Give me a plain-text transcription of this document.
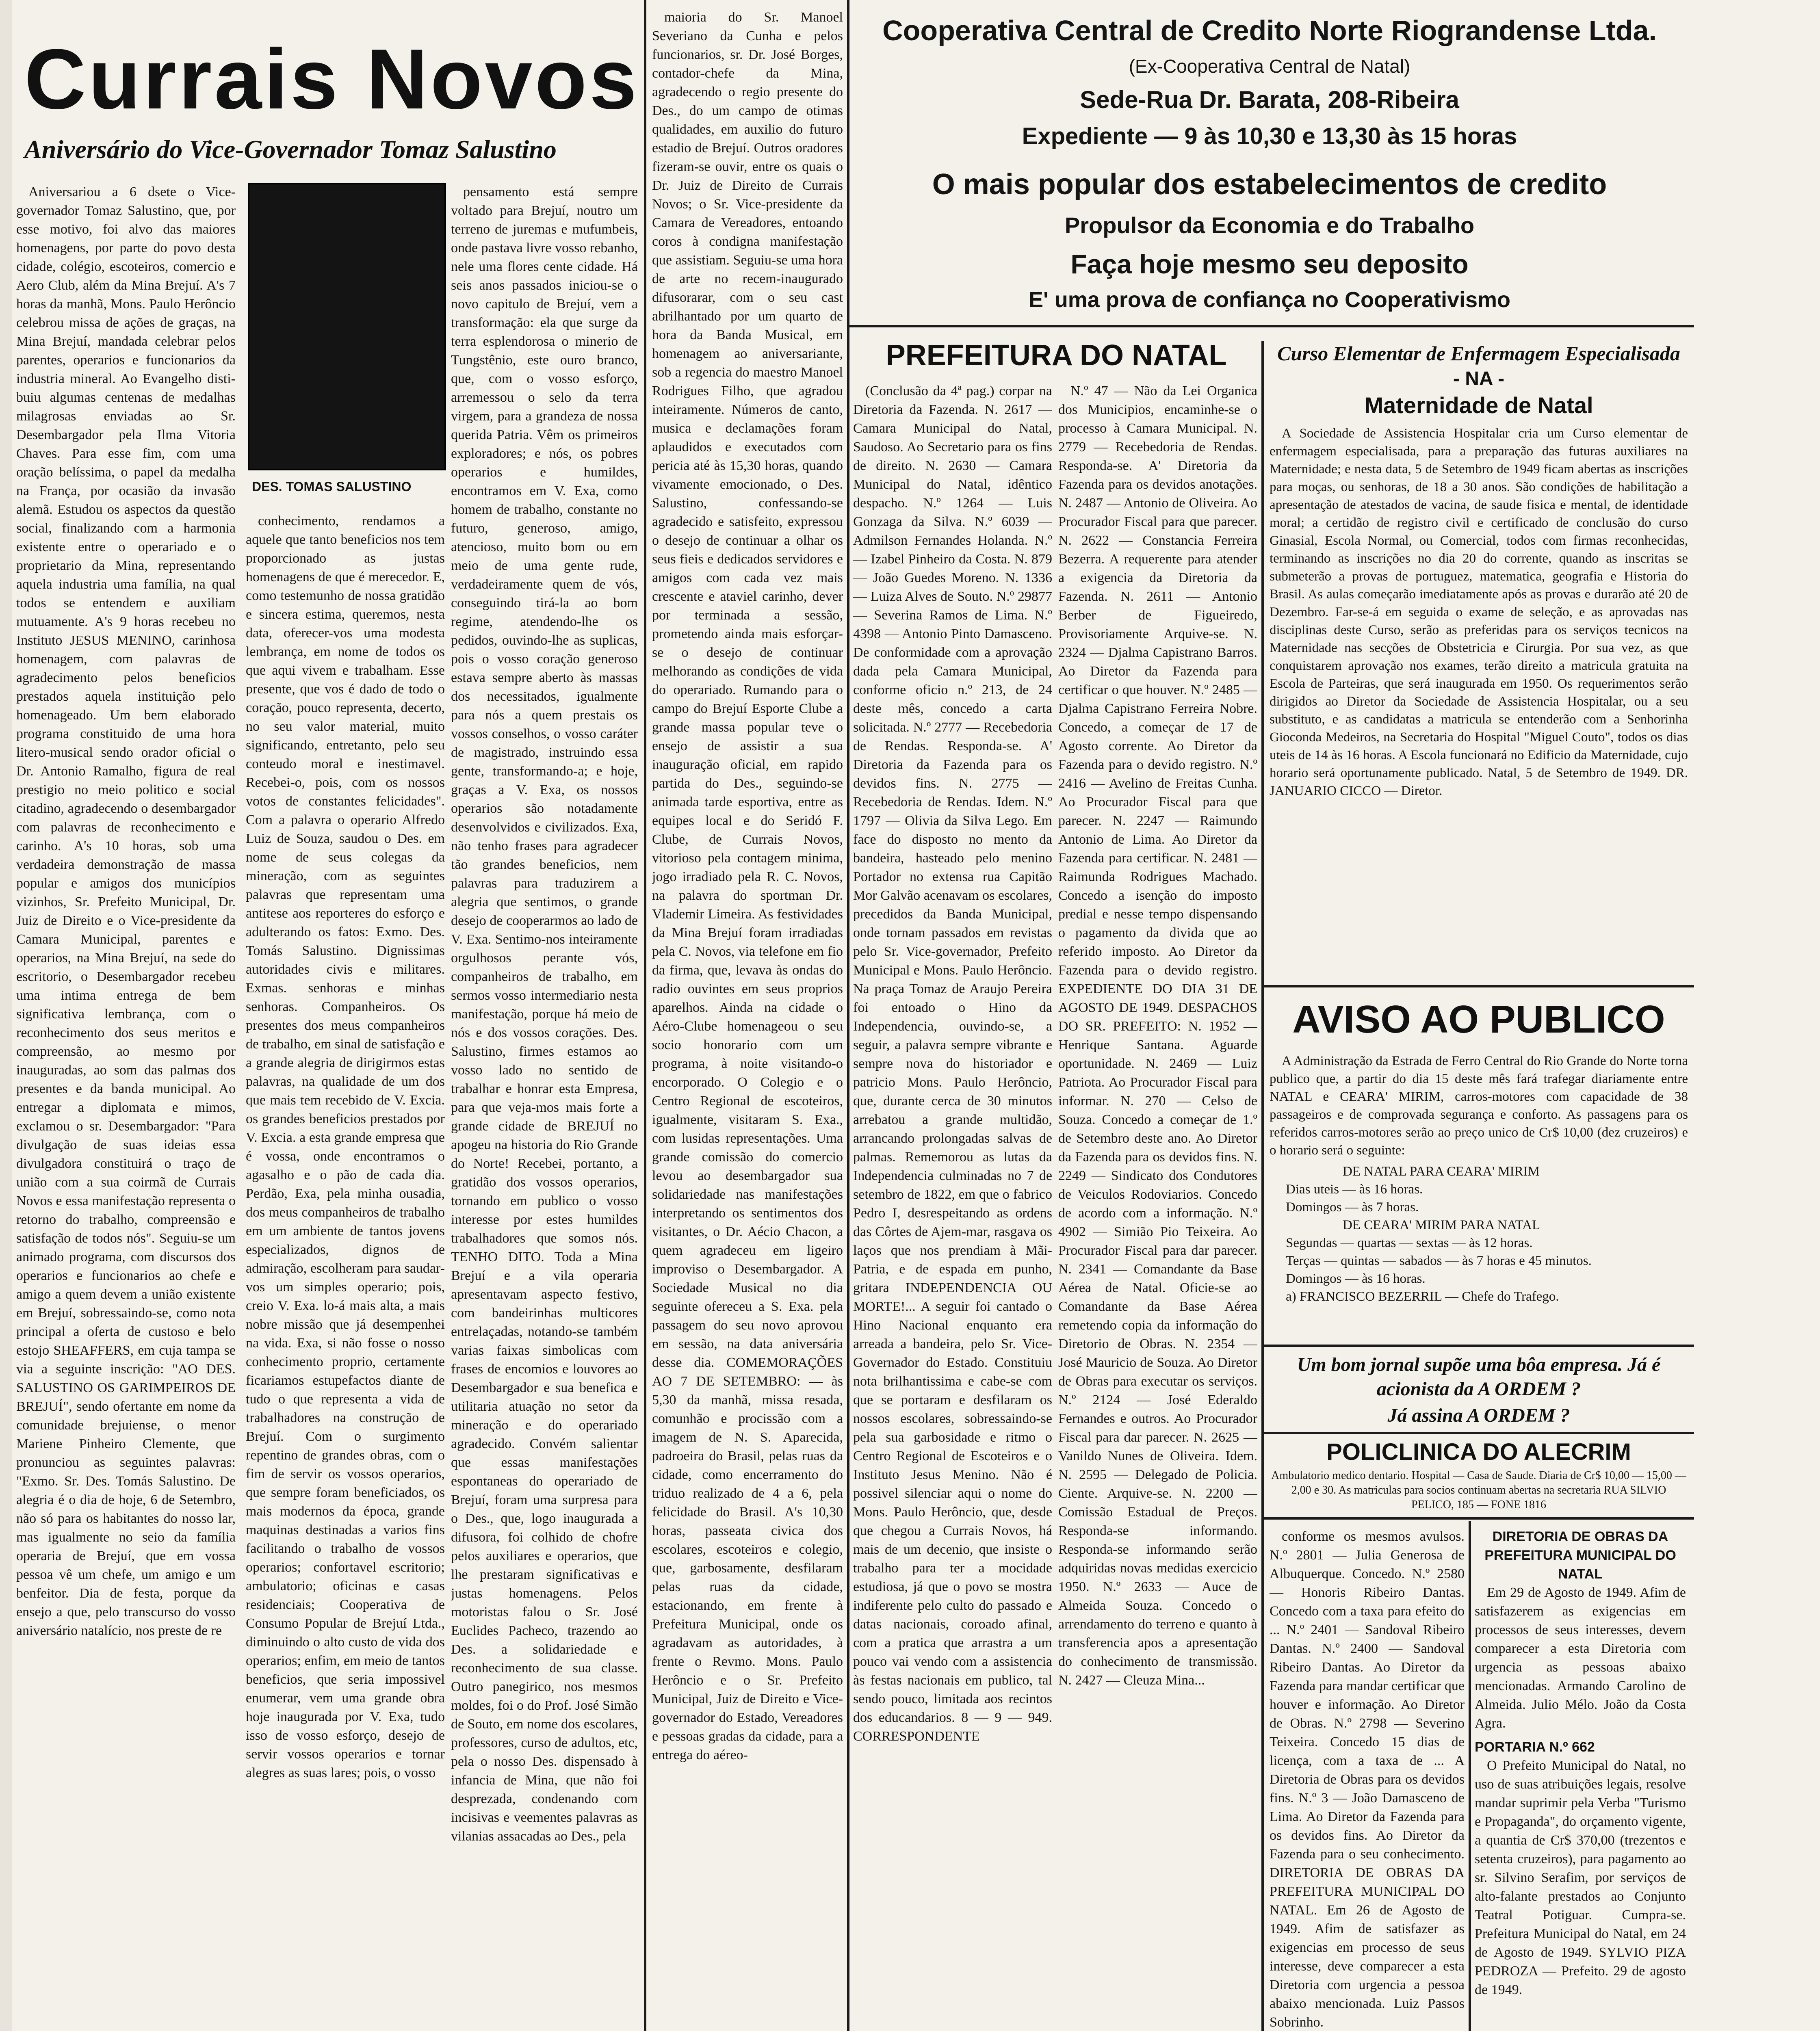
Currais Novos
Aniversário do Vice-Governador Tomaz Salustino

Aniversariou a 6 dsete o Vice-governador Tomaz Salustino, que, por esse motivo, foi alvo das maiores homenagens, por parte do povo desta cidade, colégio, escoteiros, comercio e Aero Club, além da Mina Brejuí. A's 7 horas da manhã, Mons. Paulo Herôncio celebrou missa de ações de graças, na Mina Brejuí, mandada celebrar pelos parentes, operarios e funcionarios da industria mineral. Ao Evangelho disti- buiu algumas centenas de medalhas milagrosas enviadas ao Sr. Desembargador pela Ilma Vitoria Chaves. Para esse fim, com uma oração belíssima, o papel da medalha na França, por ocasião da invasão alemã. Estudou os aspectos da questão social, finalizando com a harmonia existente entre o operariado e o proprietario da Mina, representando aquela industria uma família, na qual todos se entendem e auxiliam mutuamente. A's 9 horas recebeu no Instituto JESUS MENINO, carinhosa homenagem, com palavras de agradecimento pelos beneficios prestados aquela instituição pelo homenageado. Um bem elaborado programa constituido de uma hora litero-musical sendo orador oficial o Dr. Antonio Ramalho, figura de real prestigio no meio politico e social citadino, agradecendo o desembargador com palavras de reconhecimento e carinho. A's 10 horas, sob uma verdadeira demonstração de massa popular e amigos dos municípios vizinhos, Sr. Prefeito Municipal, Dr. Juiz de Direito e o Vice-presidente da Camara Municipal, parentes e operarios, na Mina Brejuí, na sede do escritorio, o Desembargador recebeu uma intima entrega de bem significativa lembrança, com o reconhecimento dos seus meritos e compreensão, ao mesmo por inauguradas, ao som das palmas dos presentes e da banda municipal. Ao entregar a diplomata e mimos, exclamou o sr. Desembargador: "Para divulgação de suas ideias essa divulgadora constituirá o traço de união com a sua coirmã de Currais Novos e essa manifestação representa o retorno do trabalho, compreensão e satisfação de todos nós". Seguiu-se um animado programa, com discursos dos operarios e funcionarios ao chefe e amigo a quem devem a união existente em Brejuí, sobressaindo-se, como nota principal a oferta de custoso e belo estojo SHEAFFERS, em cuja tampa se via a seguinte inscrição: "AO DES. SALUSTINO OS GARIMPEIROS DE BREJUÍ", sendo ofertante em nome da comunidade brejuiense, o menor Mariene Pinheiro Clemente, que pronunciou as seguintes palavras: "Exmo. Sr. Des. Tomás Salustino. De alegria é o dia de hoje, 6 de Setembro, não só para os habitantes do nosso lar, mas igualmente no seio da família operaria de Brejuí, que em vossa pessoa vê um chefe, um amigo e um benfeitor. Dia de festa, porque da ensejo a que, pelo transcurso do vosso aniversário natalício, nos preste de re

DES. TOMAS SALUSTINO

conhecimento, rendamos a aquele que tanto beneficios nos tem proporcionado as justas homenagens de que é merecedor. E, como testemunho de nossa gratidão e sincera estima, queremos, nesta data, oferecer-vos uma modesta lembrança, em nome de todos os que aqui vivem e trabalham. Esse presente, que vos é dado de todo o coração, pouco representa, decerto, no seu valor material, muito significando, entretanto, pelo seu conteudo moral e inestimavel. Recebei-o, pois, com os nossos votos de constantes felicidades". Com a palavra o operario Alfredo Luiz de Souza, saudou o Des. em nome de seus colegas da mineração, com as seguintes palavras que representam uma antitese aos reporteres do esforço e adulterando os fatos: Exmo. Des. Tomás Salustino. Dignissimas autoridades civis e militares. Exmas. senhoras e minhas senhoras. Companheiros. Os presentes dos meus companheiros de trabalho, em sinal de satisfação e a grande alegria de dirigirmos estas palavras, na qualidade de um dos que mais tem recebido de V. Excia. os grandes beneficios prestados por V. Excia. a esta grande empresa que é vossa, onde encontramos o agasalho e o pão de cada dia. Perdão, Exa, pela minha ousadia, dos meus companheiros de trabalho em um ambiente de tantos jovens especializados, dignos de admiração, escolheram para saudar-vos um simples operario; pois, creio V. Exa. lo-á mais alta, a mais nobre missão que já desempenhei na vida. Exa, si não fosse o nosso conhecimento proprio, certamente ficariamos estupefactos diante de tudo o que representa a vida de trabalhadores na construção de Brejuí. Com o surgimento repentino de grandes obras, com o fim de servir os vossos operarios, que sempre foram beneficiados, os mais modernos da época, grande maquinas destinadas a varios fins facilitando o trabalho de vossos operarios; confortavel escritorio; ambulatorio; oficinas e casas residenciais; Cooperativa de Consumo Popular de Brejuí Ltda., diminuindo o alto custo de vida dos operarios; enfim, em meio de tantos beneficios, que seria impossivel enumerar, vem uma grande obra hoje inaugurada por V. Exa, tudo isso de vosso esforço, desejo de servir vossos operarios e tornar alegres as suas lares; pois, o vosso

pensamento está sempre voltado para Brejuí, noutro um terreno de juremas e mufumbeis, onde pastava livre vosso rebanho, nele uma flores cente cidade. Há seis anos passados iniciou-se o novo capitulo de Brejuí, vem a transformação: ela que surge da terra esplendorosa o minerio de Tungstênio, este ouro branco, que, com o vosso esforço, arremessou o selo da terra virgem, para a grandeza de nossa querida Patria. Vêm os primeiros exploradores; e nós, os pobres operarios e humildes, encontramos em V. Exa, como homem de trabalho, constante no futuro, generoso, amigo, atencioso, muito bom ou em meio de uma gente rude, verdadeiramente quem de vós, conseguindo tirá-la ao bom regime, atendendo-lhe os pedidos, ouvindo-lhe as suplicas, pois o vosso coração generoso estava sempre aberto às massas dos necessitados, igualmente para nós a quem prestais os vossos conselhos, o vosso caráter de magistrado, instruindo essa gente, transformando-a; e hoje, graças a V. Exa, os nossos operarios são notadamente desenvolvidos e civilizados. Exa, não tenho frases para agradecer tão grandes beneficios, nem palavras para traduzirem a alegria que sentimos, o grande desejo de cooperarmos ao lado de V. Exa. Sentimo-nos inteiramente orgulhosos perante vós, companheiros de trabalho, em sermos vosso intermediario nesta manifestação, porque há meio de nós e dos vossos corações. Des. Salustino, firmes estamos ao vosso lado no sentido de trabalhar e honrar esta Empresa, para que veja-mos mais forte a grande cidade de BREJUÍ no apogeu na historia do Rio Grande do Norte! Recebei, portanto, a gratidão dos vossos operarios, tornando em publico o vosso interesse por estes humildes trabalhadores que somos nós. TENHO DITO. Toda a Mina Brejuí e a vila operaria apresentavam aspecto festivo, com bandeirinhas multicores entrelaçadas, notando-se também varias faixas simbolicas com frases de encomios e louvores ao Desembargador e sua benefica e utilitaria atuação no setor da mineração e do operariado agradecido. Convém salientar que essas manifestações espontaneas do operariado de Brejuí, foram uma surpresa para o Des., que, logo inaugurada a difusora, foi colhido de chofre pelos auxiliares e operarios, que lhe prestaram significativas e justas homenagens. Pelos motoristas falou o Sr. José Euclides Pacheco, trazendo ao Des. a solidariedade e reconhecimento de sua classe. Outro panegirico, nos mesmos moldes, foi o do Prof. José Simão de Souto, em nome dos escolares, professores, curso de adultos, etc, pela o nosso Des. dispensado à infancia de Mina, que não foi desprezada, condenando com incisivas e veementes palavras as vilanias assacadas ao Des., pela

maioria do Sr. Manoel Severiano da Cunha e pelos funcionarios, sr. Dr. José Borges, contador-chefe da Mina, agradecendo o regio presente do Des., do um campo de otimas qualidades, em auxilio do futuro estadio de Brejuí. Outros oradores fizeram-se ouvir, entre os quais o Dr. Juiz de Direito de Currais Novos; o Sr. Vice-presidente da Camara de Vereadores, entoando coros à condigna manifestação que assistiam. Seguiu-se uma hora de arte no recem-inaugurado difusorarar, com o seu cast abrilhantado por um quarto de hora da Banda Musical, em homenagem ao aniversariante, sob a regencia do maestro Manoel Rodrigues Filho, que agradou inteiramente. Números de canto, musica e declamações foram aplaudidos e executados com pericia até às 15,30 horas, quando vivamente emocionado, o Des. Salustino, confessando-se agradecido e satisfeito, expressou o desejo de continuar a olhar os seus fieis e dedicados servidores e amigos com cada vez mais crescente e ataviel carinho, dever por terminada a sessão, prometendo ainda mais esforçar-se o desejo de continuar melhorando as condições de vida do operariado. Rumando para o campo do Brejuí Esporte Clube a grande massa popular teve o ensejo de assistir a sua inauguração oficial, em rapido partida do Des., seguindo-se animada tarde esportiva, entre as equipes local e do Seridó F. Clube, de Currais Novos, vitorioso pela contagem minima, jogo irradiado pela R. C. Novos, na palavra do sportman Dr. Vlademir Limeira. As festividades da Mina Brejuí foram irradiadas pela C. Novos, via telefone em fio da firma, que, levava às ondas do radio ouvintes em seus proprios aparelhos. Ainda na cidade o Aéro-Clube homenageou o seu socio honorario com um programa, à noite visitando-o encorporado. O Colegio e o Centro Regional de escoteiros, igualmente, visitaram S. Exa., com lusidas representações. Uma grande comissão do comercio levou ao desembargador sua solidariedade nas manifestações interpretando os sentimentos dos visitantes, o Dr. Aécio Chacon, a quem agradeceu em ligeiro improviso o Desembargador. A Sociedade Musical no dia seguinte ofereceu a S. Exa. pela passagem do seu novo aprovou em sessão, na data aniversária desse dia. COMEMORAÇÕES AO 7 DE SETEMBRO: — às 5,30 da manhã, missa resada, comunhão e procissão com a imagem de N. S. Aparecida, padroeira do Brasil, pelas ruas da cidade, como encerramento do triduo realizado de 4 a 6, pela felicidade do Brasil. A's 10,30 horas, passeata civica dos escolares, escoteiros e colegio, que, garbosamente, desfilaram pelas ruas da cidade, estacionando, em frente à Prefeitura Municipal, onde os agradavam as autoridades, à frente o Revmo. Mons. Paulo Herôncio e o Sr. Prefeito Municipal, Juiz de Direito e Vice-governador do Estado, Vereadores e pessoas gradas da cidade, para a entrega do aéreo-

Cooperativa Central de Credito Norte Riograndense Ltda.
(Ex-Cooperativa Central de Natal)
Sede-Rua Dr. Barata, 208-Ribeira
Expediente — 9 às 10,30 e 13,30 às 15 horas
O mais popular dos estabelecimentos de credito
Propulsor da Economia e do Trabalho
Faça hoje mesmo seu deposito
E' uma prova de confiança no Cooperativismo
PREFEITURA DO NATAL

(Conclusão da 4ª pag.) corpar na Diretoria da Fazenda. N. 2617 — Camara Municipal do Natal, Saudoso. Ao Secretario para os fins de direito. N. 2630 — Camara Municipal do Natal, idêntico despacho. N.º 1264 — Luis Gonzaga da Silva. N.º 6039 — Admilson Fernandes Holanda. N.º — Izabel Pinheiro da Costa. N. 879 — João Guedes Moreno. N. 1336 — Luiza Alves de Souto. N.º 29877 — Severina Ramos de Lima. N.º 4398 — Antonio Pinto Damasceno. De conformidade com a aprovação dada pela Camara Municipal, conforme oficio n.º 213, de 24 deste mês, concedo a carta solicitada. N.º 2777 — Recebedoria de Rendas. Responda-se. A' Diretoria da Fazenda para os devidos fins. N. 2775 — Recebedoria de Rendas. Idem. N.º 1797 — Olivia da Silva Lego. Em face do disposto no mento da bandeira, hasteado pelo menino Portador no extensa rua Capitão Mor Galvão acenavam os escolares, precedidos da Banda Municipal, onde tornam passados em revistas pelo Sr. Vice-governador, Prefeito Municipal e Mons. Paulo Herôncio. Na praça Tomaz de Araujo Pereira foi entoado o Hino da Independencia, ouvindo-se, a seguir, a palavra sempre vibrante e sempre nova do historiador e patricio Mons. Paulo Herôncio, que, durante cerca de 30 minutos arrebatou a grande multidão, arrancando prolongadas salvas de palmas. Rememorou as lutas da Independencia culminadas no 7 de setembro de 1822, em que o fabrico Pedro I, desrespeitando as ordens das Côrtes de Ajem-mar, rasgava os laços que nos prendiam à Mãi-Patria, e de espada em punho, gritara INDEPENDENCIA OU MORTE!... A seguir foi cantado o Hino Nacional enquanto era arreada a bandeira, pelo Sr. Vice-Governador do Estado. Constituiu nota brilhantissima e cabe-se com que se portaram e desfilaram os nossos escolares, sobressaindo-se pela sua garbosidade e ritmo o Centro Regional de Escoteiros e o Instituto Jesus Menino. Não é possivel silenciar aqui o nome do Mons. Paulo Herôncio, que, desde que chegou a Currais Novos, há mais de um decenio, que insiste o trabalho para ter a mocidade estudiosa, já que o povo se mostra indiferente pelo culto do passado e datas nacionais, coroado afinal, com a pratica que arrastra a um pouco vai vendo com a assistencia às festas nacionais em publico, tal sendo pouco, limitada aos recintos dos educandarios. 8 — 9 — 949. CORRESPONDENTE

N.º 47 — Não da Lei Organica dos Municipios, encaminhe-se o processo à Camara Municipal. N. 2779 — Recebedoria de Rendas. Responda-se. A' Diretoria da Fazenda para os devidos anotações. N. 2487 — Antonio de Oliveira. Ao Procurador Fiscal para que parecer. N. 2622 — Constancia Ferreira Bezerra. A requerente para atender a exigencia da Diretoria da Fazenda. N. 2611 — Antonio Berber de Figueiredo, Provisoriamente Arquive-se. N. 2324 — Djalma Capistrano Barros. Ao Diretor da Fazenda para certificar o que houver. N.º 2485 — Djalma Capistrano Ferreira Nobre. Concedo, a começar de 17 de Agosto corrente. Ao Diretor da Fazenda para o devido registro. N.º 2416 — Avelino de Freitas Cunha. Ao Procurador Fiscal para que parecer. N. 2247 — Raimundo Antonio de Lima. Ao Diretor da Fazenda para certificar. N. 2481 — Raimunda Rodrigues Machado. Concedo a isenção do imposto predial e nesse tempo dispensando o pagamento da divida que ao referido imposto. Ao Diretor da Fazenda para o devido registro. EXPEDIENTE DO DIA 31 DE AGOSTO DE 1949. DESPACHOS DO SR. PREFEITO: N. 1952 — Henrique Santana. Aguarde oportunidade. N. 2469 — Luiz Patriota. Ao Procurador Fiscal para informar. N. 270 — Celso de Souza. Concedo a começar de 1.º de Setembro deste ano. Ao Diretor da Fazenda para os devidos fins. N. 2249 — Sindicato dos Condutores de Veiculos Rodoviarios. Concedo de acordo com a informação. N.º 4902 — Simião Pio Teixeira. Ao Procurador Fiscal para dar parecer. N. 2341 — Comandante da Base Aérea de Natal. Oficie-se ao Comandante da Base Aérea remetendo copia da informação do Diretorio de Obras. N. 2354 — José Mauricio de Souza. Ao Diretor de Obras para executar os serviços. N.º 2124 — José Ederaldo Fernandes e outros. Ao Procurador Fiscal para dar parecer. N. 2625 — Vanildo Nunes de Oliveira. Idem. N. 2595 — Delegado de Policia. Ciente. Arquive-se. N. 2200 — Comissão Estadual de Preços. Responda-se informando. Responda-se informando serão adquiridas novas medidas exercicio 1950. N.º 2633 — Auce de Almeida Souza. Concedo o arrendamento do terreno e quanto à transferencia apos a apresentação do conhecimento de transmissão. N. 2427 — Cleuza Mina...

Curso Elementar de Enfermagem Especialisada
- NA -
Maternidade de Natal

A Sociedade de Assistencia Hospitalar cria um Curso elementar de enfermagem especialisada, para a preparação das futuras auxiliares na Maternidade; e nesta data, 5 de Setembro de 1949 ficam abertas as inscrições para moças, ou senhoras, de 18 a 30 anos. São condições de habilitação a apresentação de atestados de vacina, de saude fisica e mental, de identidade moral; a certidão de registro civil e certificado de conclusão do curso Ginasial, Escola Normal, ou Comercial, todos com firmas reconhecidas, terminando as inscrições no dia 20 do corrente, quando as inscritas se submeterão a provas de portuguez, matematica, geografia e Historia do Brasil. As aulas começarão imediatamente após as provas e durarão até 20 de Dezembro. Far-se-á em seguida o exame de seleção, e as aprovadas nas disciplinas deste Curso, serão as preferidas para os serviços tecnicos na Maternidade nas secções de Obstetricia e Cirurgia. Por sua vez, as que conquistarem aprovação nos exames, terão direito a matricula gratuita na Escola de Parteiras, que será inaugurada em 1950. Os requerimentos serão dirigidos ao Diretor da Sociedade de Assistencia Hospitalar, ou a seu substituto, e as candidatas a matricula se entenderão com a Senhorinha Gioconda Medeiros, na Secretaria do Hospital "Miguel Couto", todos os dias uteis de 14 às 16 horas. A Escola funcionará no Edificio da Maternidade, cujo horario será oportunamente publicado. Natal, 5 de Setembro de 1949. DR. JANUARIO CICCO — Diretor.

AVISO AO PUBLICO

A Administração da Estrada de Ferro Central do Rio Grande do Norte torna publico que, a partir do dia 15 deste mês fará trafegar diariamente entre NATAL e CEARA' MIRIM, carros-motores com capacidade de 38 passageiros e de comprovada segurança e conforto. As passagens para os referidos carros-motores serão ao preço unico de Cr$ 10,00 (dez cruzeiros) e o horario será o seguinte:

DE NATAL PARA CEARA' MIRIM
Dias uteis — às 16 horas.
Domingos — às 7 horas.
DE CEARA' MIRIM PARA NATAL
Segundas — quartas — sextas — às 12 horas.
Terças — quintas — sabados — às 7 horas e 45 minutos.
Domingos — às 16 horas.
a) FRANCISCO BEZERRIL — Chefe do Trafego.
Um bom jornal supõe uma bôa empresa. Já é acionista da A ORDEM ?
Já assina A ORDEM ?
POLICLINICA DO ALECRIM
Ambulatorio medico dentario. Hospital — Casa de Saude. Diaria de Cr$ 10,00 — 15,00 — 2,00 e 30. As matriculas para socios continuam abertas na secretaria RUA SILVIO PELICO, 185 — FONE 1816

conforme os mesmos avulsos. N.º 2801 — Julia Generosa de Albuquerque. Concedo. N.º 2580 — Honoris Ribeiro Dantas. Concedo com a taxa para efeito do ... N.º 2401 — Sandoval Ribeiro Dantas. N.º 2400 — Sandoval Ribeiro Dantas. Ao Diretor da Fazenda para mandar certificar que houver e informação. Ao Diretor de Obras. N.º 2798 — Severino Teixeira. Concedo 15 dias de licença, com a taxa de ... A Diretoria de Obras para os devidos fins. N.º 3 — João Damasceno de Lima. Ao Diretor da Fazenda para os devidos fins. Ao Diretor da Fazenda para o seu conhecimento. DIRETORIA DE OBRAS DA PREFEITURA MUNICIPAL DO NATAL. Em 26 de Agosto de 1949. Afim de satisfazer as exigencias em processo de seus interesse, deve comparecer a esta Diretoria com urgencia a pessoa abaixo mencionada. Luiz Passos Sobrinho.

DIRETORIA DE OBRAS DA PREFEITURA MUNICIPAL DO NATAL

Em 29 de Agosto de 1949. Afim de satisfazerem as exigencias em processos de seus interesses, devem comparecer a esta Diretoria com urgencia as pessoas abaixo mencionadas. Armando Carolino de Almeida. Julio Mélo. João da Costa Agra.

PORTARIA N.º 662

O Prefeito Municipal do Natal, no uso de suas atribuições legais, resolve mandar suprimir pela Verba "Turismo e Propaganda", do orçamento vigente, a quantia de Cr$ 370,00 (trezentos e setenta cruzeiros), para pagamento ao sr. Silvino Serafim, por serviços de alto-falante prestados ao Conjunto Teatral Potiguar. Cumpra-se. Prefeitura Municipal do Natal, em 24 de Agosto de 1949. SYLVIO PIZA PEDROZA — Prefeito. 29 de agosto de 1949.
